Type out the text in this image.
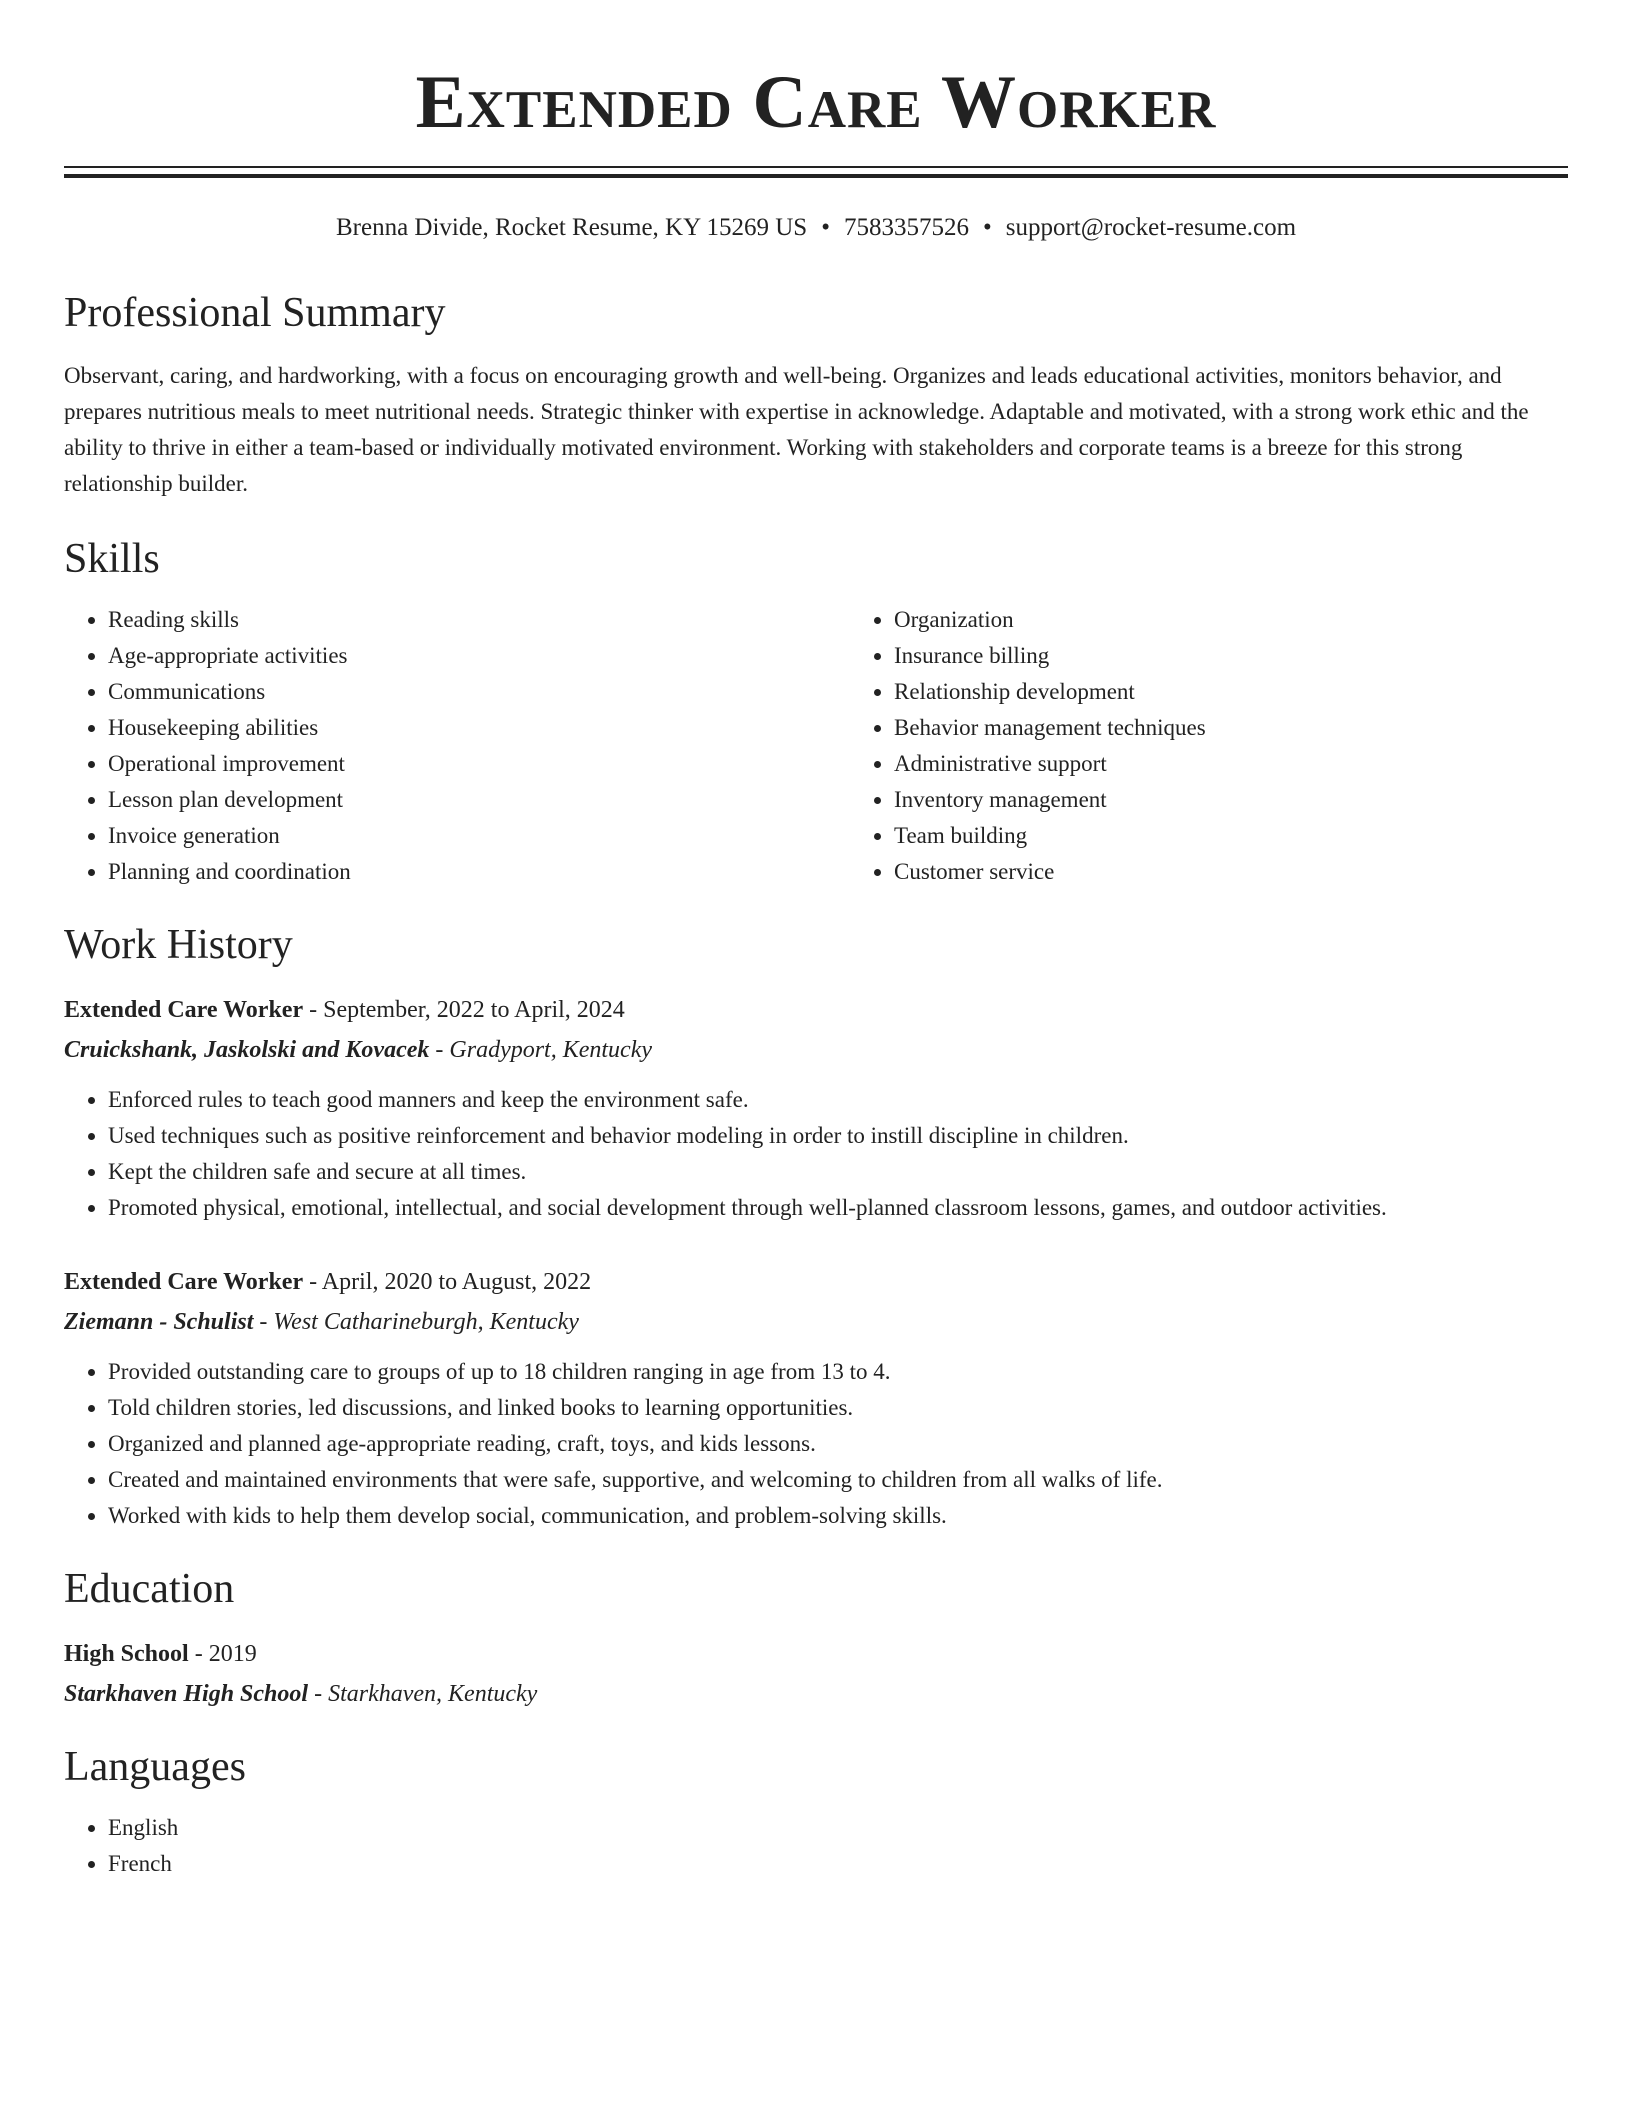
Extended Care Worker
Brenna Divide, Rocket Resume, KY 15269 US • 7583357526 • support@rocket-resume.com
Professional Summary

Observant, caring, and hardworking, with a focus on encouraging growth and well-being. Organizes and leads educational activities, monitors behavior, and prepares nutritious meals to meet nutritional needs. Strategic thinker with expertise in acknowledge. Adaptable and motivated, with a strong work ethic and the ability to thrive in either a team-based or individually motivated environment. Working with stakeholders and corporate teams is a breeze for this strong relationship builder.

Skills
• Reading skills
• Age-appropriate activities
• Communications
• Housekeeping abilities
• Operational improvement
• Lesson plan development
• Invoice generation
• Planning and coordination
• Organization
• Insurance billing
• Relationship development
• Behavior management techniques
• Administrative support
• Inventory management
• Team building
• Customer service
Work History
Extended Care Worker - September, 2022 to April, 2024
Cruickshank, Jaskolski and Kovacek - Gradyport, Kentucky
• Enforced rules to teach good manners and keep the environment safe.
• Used techniques such as positive reinforcement and behavior modeling in order to instill discipline in children.
• Kept the children safe and secure at all times.
• Promoted physical, emotional, intellectual, and social development through well-planned classroom lessons, games, and outdoor activities.
Extended Care Worker - April, 2020 to August, 2022
Ziemann - Schulist - West Catharineburgh, Kentucky
• Provided outstanding care to groups of up to 18 children ranging in age from 13 to 4.
• Told children stories, led discussions, and linked books to learning opportunities.
• Organized and planned age-appropriate reading, craft, toys, and kids lessons.
• Created and maintained environments that were safe, supportive, and welcoming to children from all walks of life.
• Worked with kids to help them develop social, communication, and problem-solving skills.
Education
High School - 2019
Starkhaven High School - Starkhaven, Kentucky
Languages
• English
• French
